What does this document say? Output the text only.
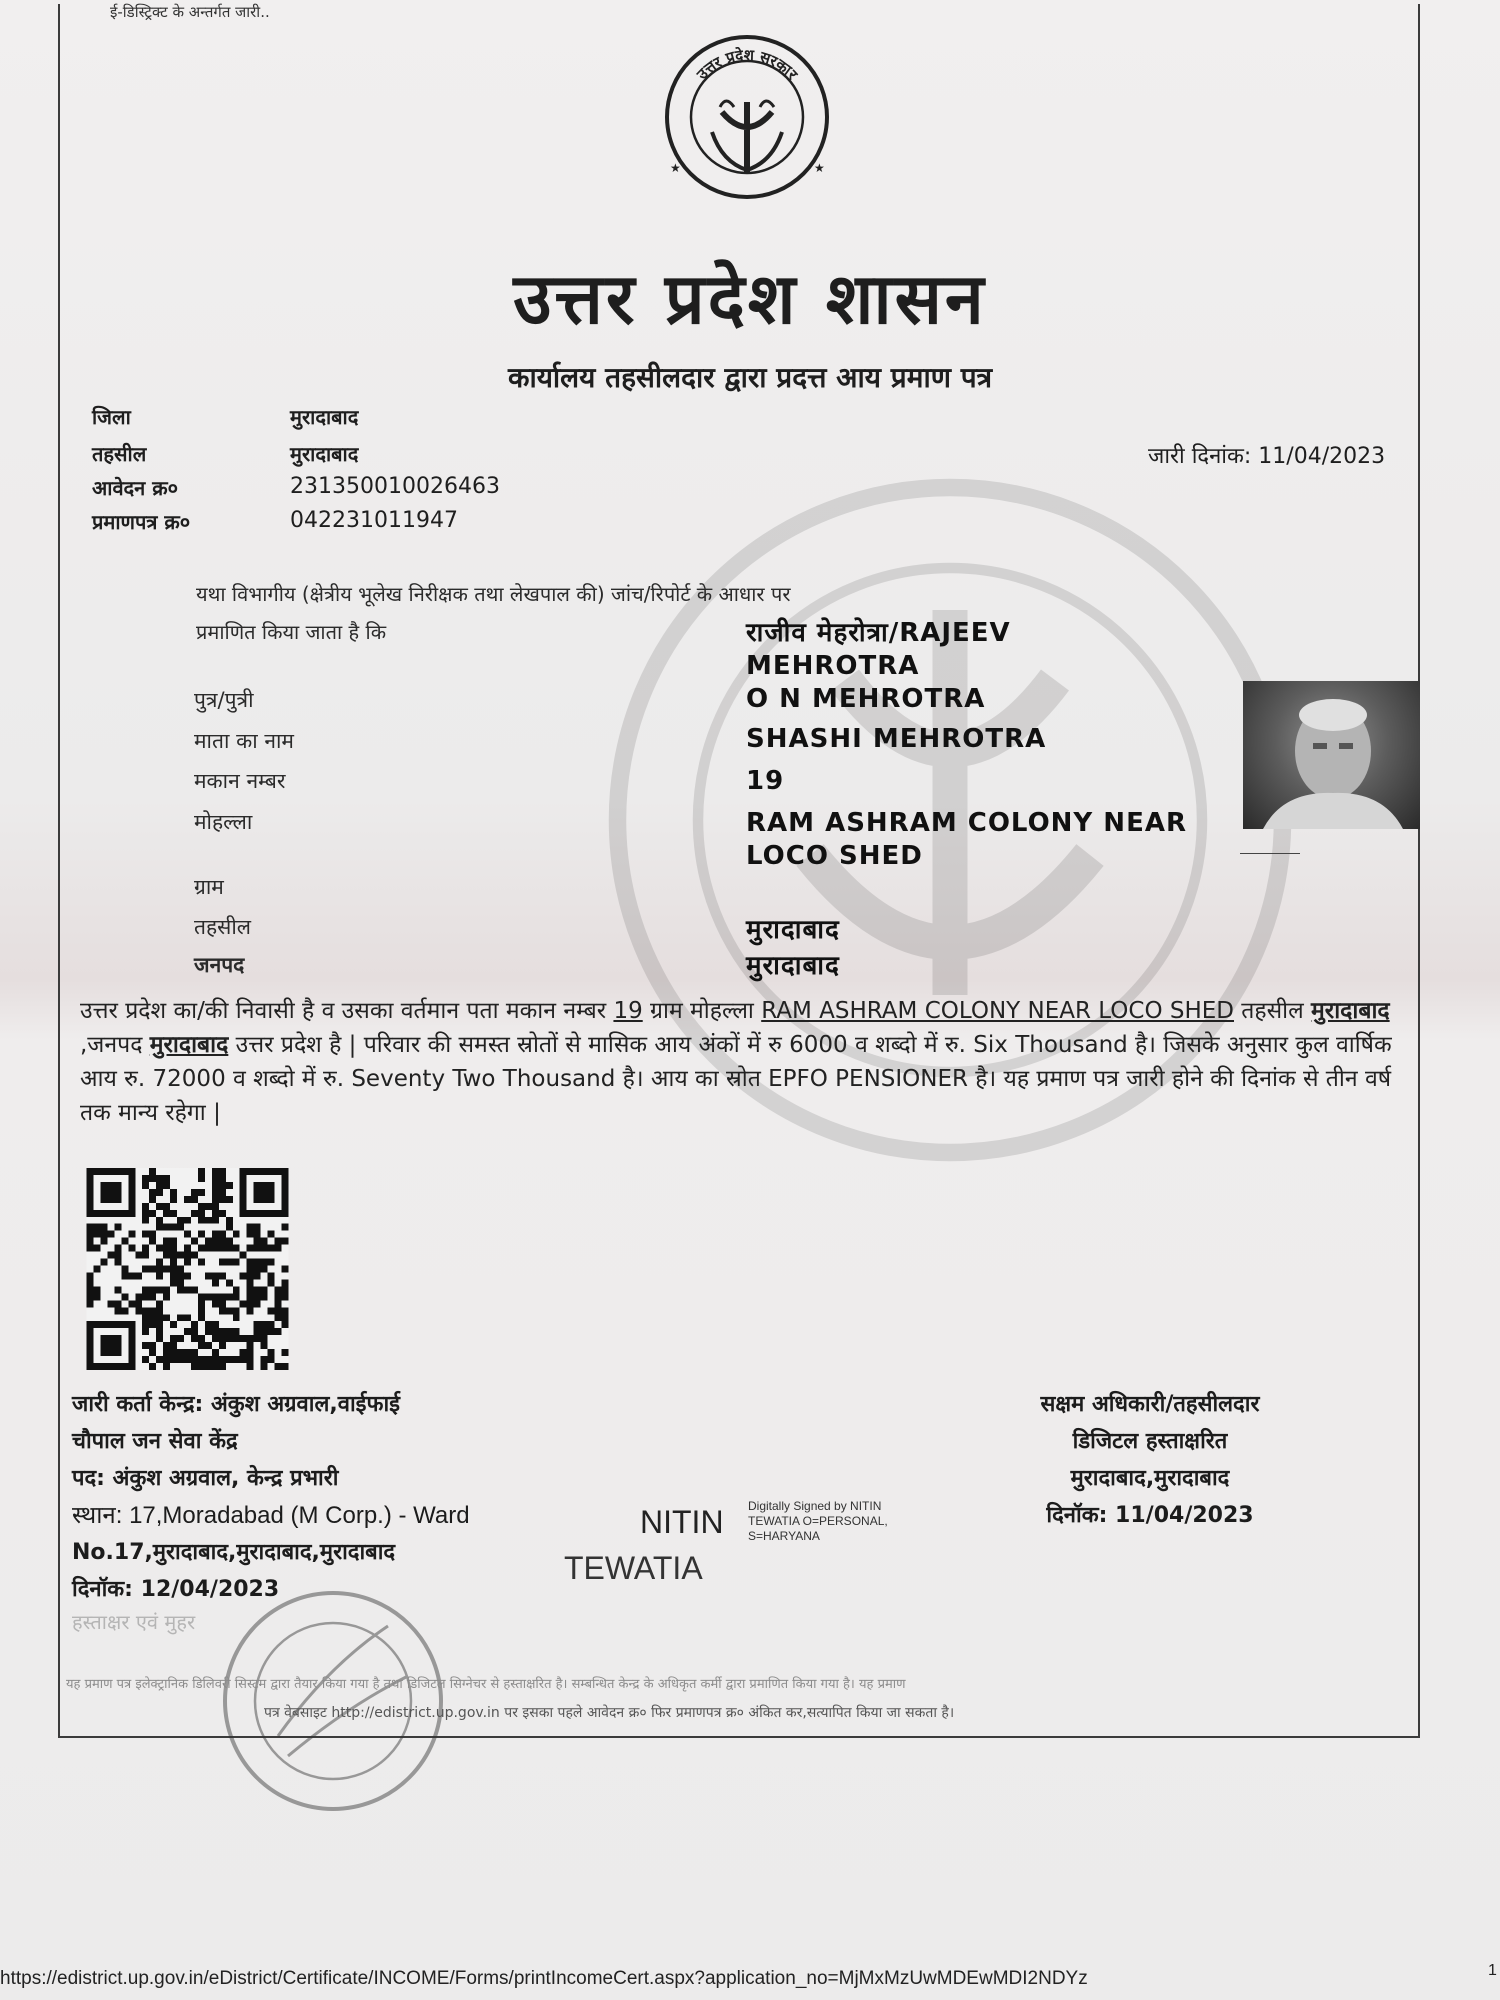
ई-डिस्ट्रिक्ट के अन्तर्गत जारी..
उत्तर प्रदेश सरकार
★	★
उत्तर प्रदेश शासन
कार्यालय तहसीलदार द्वारा प्रदत्त आय प्रमाण पत्र
जिला	मुरादाबाद
तहसील	मुरादाबाद
आवेदन क्र०	231350010026463
प्रमाणपत्र क्र०	042231011947
जारी दिनांक: 11/04/2023
यथा विभागीय (क्षेत्रीय भूलेख निरीक्षक तथा लेखपाल की) जांच/रिपोर्ट के आधार पर
प्रमाणित किया जाता है कि	राजीव मेहरोत्रा/RAJEEV MEHROTRA
पुत्र/पुत्री	O N MEHROTRA
माता का नाम	SHASHI MEHROTRA
मकान नम्बर	19
मोहल्ला	RAM ASHRAM COLONY NEAR LOCO SHED
ग्राम
तहसील	मुरादाबाद
जनपद	मुरादाबाद
उत्तर प्रदेश का/की निवासी है व उसका वर्तमान पता मकान नम्बर 19 ग्राम मोहल्ला RAM ASHRAM COLONY NEAR LOCO SHED तहसील मुरादाबाद ,जनपद मुरादाबाद उत्तर प्रदेश है | परिवार की समस्त स्रोतों से मासिक आय अंकों में रु 6000 व शब्दो में रु. Six Thousand है। जिसके अनुसार कुल वार्षिक आय रु. 72000 व शब्दो में रु. Seventy Two Thousand है। आय का स्रोत EPFO PENSIONER है। यह प्रमाण पत्र जारी होने की दिनांक से तीन वर्ष तक मान्य रहेगा |
जारी कर्ता केन्द्र: अंकुश अग्रवाल,वाईफाई
चौपाल जन सेवा केंद्र
पद: अंकुश अग्रवाल, केन्द्र प्रभारी
स्थान: 17,Moradabad (M Corp.) - Ward
No.17,मुरादाबाद,मुरादाबाद,मुरादाबाद
दिनॉक: 12/04/2023
हस्ताक्षर एवं मुहर
NITIN
TEWATIA
Digitally Signed by NITIN
TEWATIA O=PERSONAL,
S=HARYANA
सक्षम अधिकारी/तहसीलदार
डिजिटल हस्ताक्षरित
मुरादाबाद,मुरादाबाद
दिनॉक: 11/04/2023
यह प्रमाण पत्र इलेक्ट्रानिक डिलिवरी सिस्टम द्वारा तैयार किया गया है तथा डिजिटल सिग्नेचर से हस्ताक्षरित है। सम्बन्धित केन्द्र के अधिकृत कर्मी द्वारा प्रमाणित किया गया है। यह प्रमाण
पत्र वेबसाइट http://edistrict.up.gov.in पर इसका पहले आवेदन क्र० फिर प्रमाणपत्र क्र० अंकित कर,सत्यापित किया जा सकता है।
https://edistrict.up.gov.in/eDistrict/Certificate/INCOME/Forms/printIncomeCert.aspx?application_no=MjMxMzUwMDEwMDI2NDYz	1
